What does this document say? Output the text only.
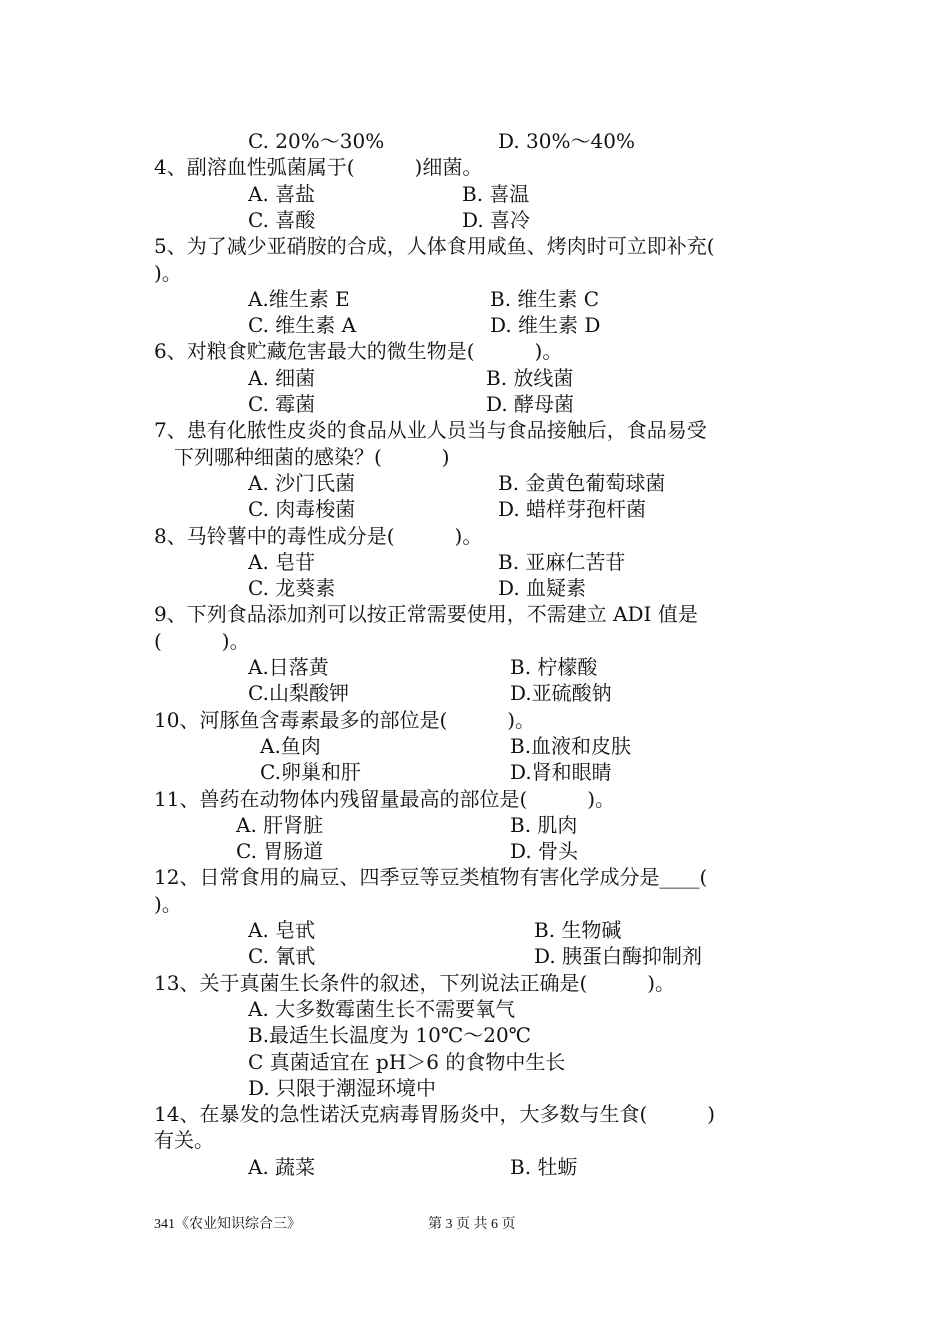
C. 20%～30%	D. 30%～40%
4、副溶血性弧菌属于(　　　)细菌。
A. 喜盐	B. 喜温
C. 喜酸	D. 喜冷
5、为了减少亚硝胺的合成，人体食用咸鱼、烤肉时可立即补充(
)。
A.维生素 E	B. 维生素 C
C. 维生素 A	D. 维生素 D
6、对粮食贮藏危害最大的微生物是(　　　)。
A. 细菌	B. 放线菌
C. 霉菌	D. 酵母菌
7、患有化脓性皮炎的食品从业人员当与食品接触后，食品易受
　下列哪种细菌的感染？(　　　)
A. 沙门氏菌	B. 金黄色葡萄球菌
C. 肉毒梭菌	D. 蜡样芽孢杆菌
8、马铃薯中的毒性成分是(　　　)。
A. 皂苷	B. 亚麻仁苦苷
C. 龙葵素	D. 血疑素
9、下列食品添加剂可以按正常需要使用，不需建立 ADI 值是
(　　　)。
A.日落黄	B. 柠檬酸
C.山梨酸钾	D.亚硫酸钠
10、河豚鱼含毒素最多的部位是(　　　)。
A.鱼肉	B.血液和皮肤
C.卵巢和肝	D.肾和眼睛
11、兽药在动物体内残留量最高的部位是(　　　)。
A. 肝肾脏	B. 肌肉
C. 胃肠道	D. 骨头
12、日常食用的扁豆、四季豆等豆类植物有害化学成分是____(
)。
A. 皂甙	B. 生物碱
C. 氰甙	D. 胰蛋白酶抑制剂
13、关于真菌生长条件的叙述，下列说法正确是(　　　)。
A. 大多数霉菌生长不需要氧气
B.最适生长温度为 10℃～20℃
C 真菌适宜在 pH＞6 的食物中生长
D. 只限于潮湿环境中
14、在暴发的急性诺沃克病毒胃肠炎中，大多数与生食(　　　)
有关。
A. 蔬菜	B. 牡蛎
341《农业知识综合三》	第 3 页 共 6 页
